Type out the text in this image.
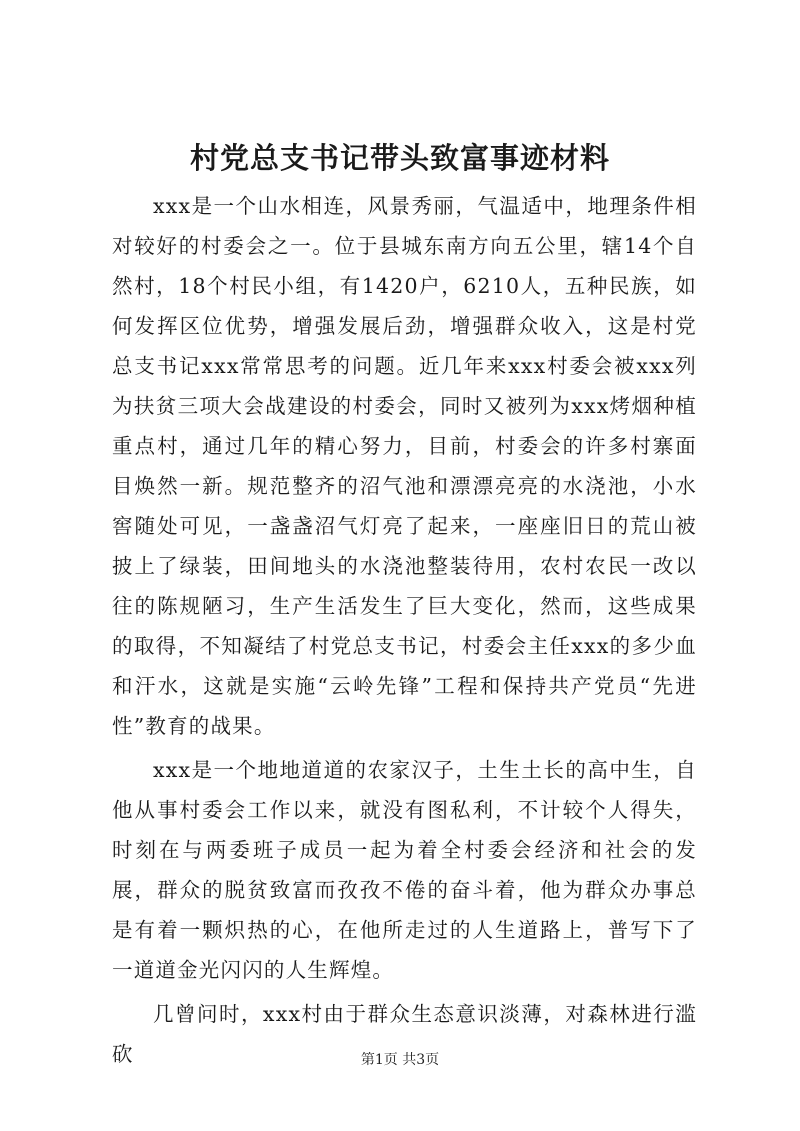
村党总支书记带头致富事迹材料

xxx是一个山水相连，风景秀丽，气温适中，地理条件相对较好的村委会之一。位于县城东南方向五公里，辖14个自然村，18个村民小组，有1420户，6210人，五种民族，如何发挥区位优势，增强发展后劲，增强群众收入，这是村党总支书记xxx常常思考的问题。近几年来xxx村委会被xxx列为扶贫三项大会战建设的村委会，同时又被列为xxx烤烟种植重点村，通过几年的精心努力，目前，村委会的许多村寨面目焕然一新。规范整齐的沼气池和漂漂亮亮的水浇池，小水窖随处可见，一盏盏沼气灯亮了起来，一座座旧日的荒山被披上了绿装，田间地头的水浇池整装待用，农村农民一改以往的陈规陋习，生产生活发生了巨大变化，然而，这些成果的取得，不知凝结了村党总支书记，村委会主任xxx的多少血和汗水，这就是实施“云岭先锋”工程和保持共产党员“先进性”教育的战果。

xxx是一个地地道道的农家汉子，土生土长的高中生，自他从事村委会工作以来，就没有图私利，不计较个人得失，时刻在与两委班子成员一起为着全村委会经济和社会的发展，群众的脱贫致富而孜孜不倦的奋斗着，他为群众办事总是有着一颗炽热的心，在他所走过的人生道路上，普写下了一道道金光闪闪的人生辉煌。

几曾问时，xxx村由于群众生态意识淡薄，对森林进行滥砍	第1页 共3页
